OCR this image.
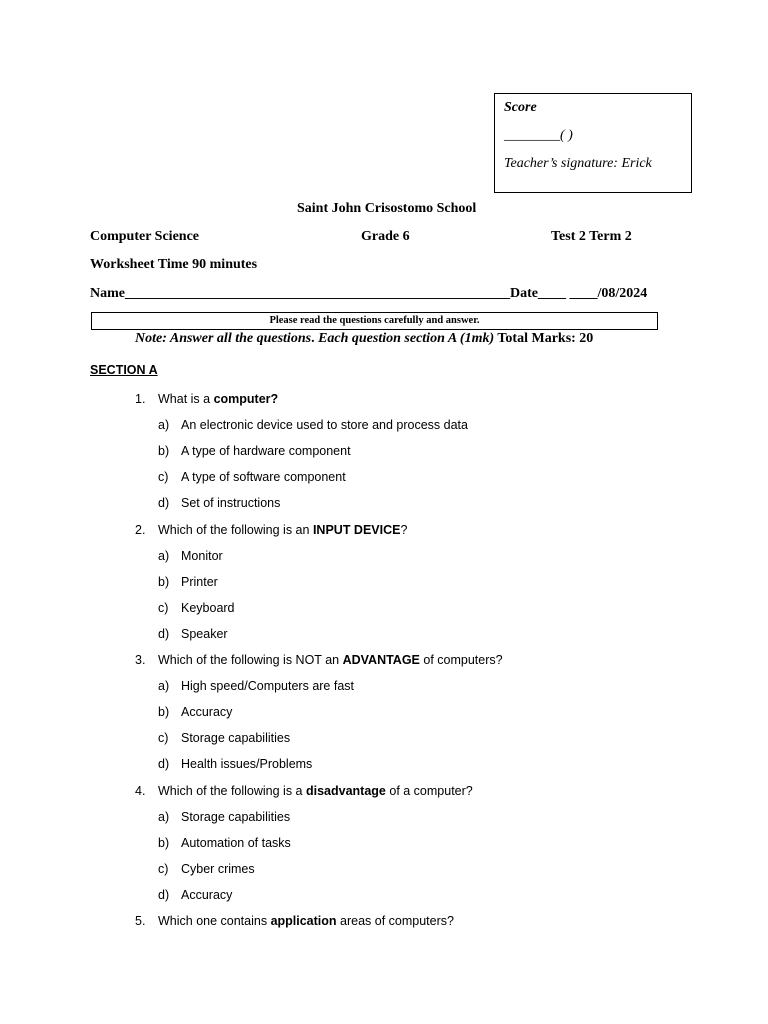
Score
________( )
Teacher’s signature: Erick
Saint John Crisostomo School
Computer Science	Grade 6	Test 2 Term 2
Worksheet Time 90 minutes
Name_______________________________________________________Date____ ____/08/2024
Please read the questions carefully and answer.
Note: Answer all the questions. Each question section A (1mk) Total Marks: 20
SECTION A
1. What is a computer?
a) An electronic device used to store and process data
b) A type of hardware component
c) A type of software component
d) Set of instructions
2. Which of the following is an INPUT DEVICE?
a) Monitor
b) Printer
c) Keyboard
d) Speaker
3. Which of the following is NOT an ADVANTAGE of computers?
a) High speed/Computers are fast
b) Accuracy
c) Storage capabilities
d) Health issues/Problems
4. Which of the following is a disadvantage of a computer?
a) Storage capabilities
b) Automation of tasks
c) Cyber crimes
d) Accuracy
5. Which one contains application areas of computers?
